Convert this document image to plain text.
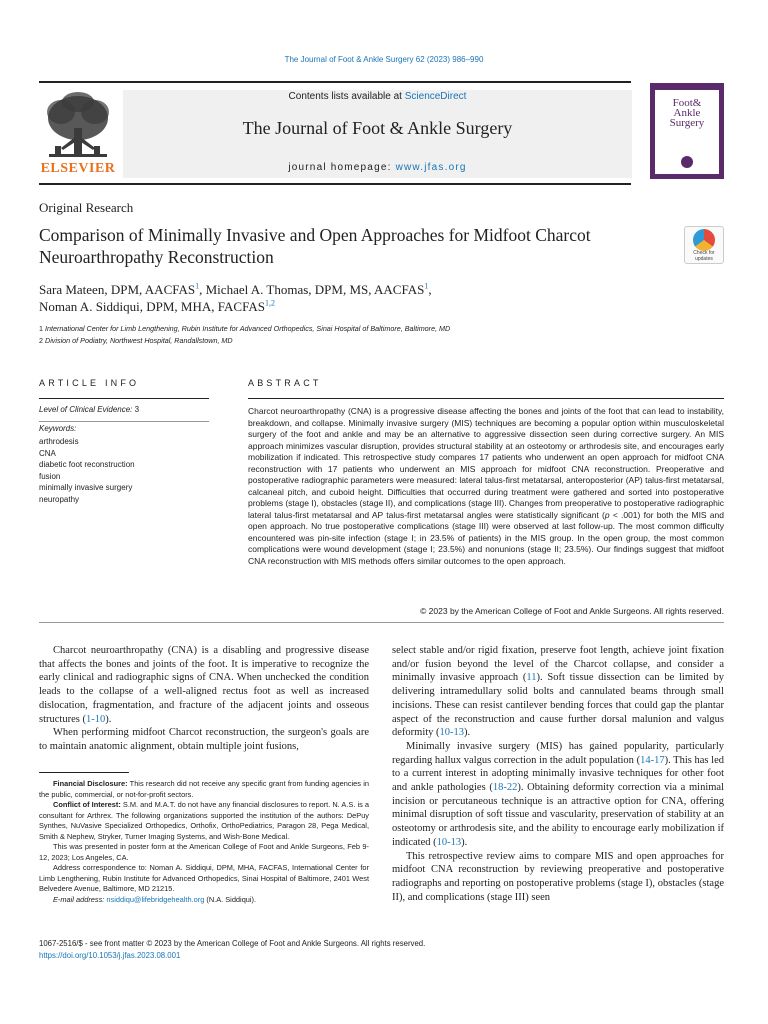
The Journal of Foot & Ankle Surgery 62 (2023) 986–990
ELSEVIER
Contents lists available at ScienceDirect
The Journal of Foot & Ankle Surgery
journal homepage: www.jfas.org
Foot&
Ankle
Surgery
Original Research
Comparison of Minimally Invasive and Open Approaches for Midfoot Charcot Neuroarthropathy Reconstruction	Check for updates
Sara Mateen, DPM, AACFAS$^1$, Michael A. Thomas, DPM, MS, AACFAS$^1$,
Noman A. Siddiqui, DPM, MHA, FACFAS$^{1,2}$
1 International Center for Limb Lengthening, Rubin Institute for Advanced Orthopedics, Sinai Hospital of Baltimore, Baltimore, MD
2 Division of Podiatry, Northwest Hospital, Randallstown, MD
ARTICLE INFO	ABSTRACT
Level of Clinical Evidence: 3
Keywords:
arthrodesis
CNA
diabetic foot reconstruction
fusion
minimally invasive surgery
neuropathy
Charcot neuroarthropathy (CNA) is a progressive disease affecting the bones and joints of the foot that can lead to instability, breakdown, and collapse. Minimally invasive surgery (MIS) techniques are becoming a popular option within musculoskeletal surgery of the foot and ankle and may be an alternative to aggressive dissection seen during corrective surgery. An MIS approach minimizes vascular disruption, provides structural stability at an osteotomy or arthrodesis site, and encourages early mobilization if indicated. This retrospective study compares 17 patients who underwent an open approach for midfoot CNA reconstruction with 17 patients who underwent an MIS approach for midfoot CNA reconstruction. Preoperative and postoperative radiographic parameters were measured: lateral talus-first metatarsal, anteroposterior (AP) talus-first metatarsal, calcaneal pitch, and cuboid height. Difficulties that occurred during treatment were gathered and sorted into postoperative problems (stage I), obstacles (stage II), and complications (stage III). Changes from preoperative to postoperative radiographic lateral talus-first metatarsal and AP talus-first metatarsal angles were statistically significant (p < .001) for both the MIS and open approach. No true postoperative complications (stage III) were observed at last follow-up. The most common difficulty encountered was pin-site infection (stage I; in 23.5% of patients) in the MIS group. In the open group, the most common complications were wound development (stage I; 23.5%) and nonunions (stage II; 23.5%). Our findings suggest that midfoot CNA reconstruction with MIS methods offers similar outcomes to the open approach.
© 2023 by the American College of Foot and Ankle Surgeons. All rights reserved.

Charcot neuroarthropathy (CNA) is a disabling and progressive disease that affects the bones and joints of the foot. It is imperative to recognize the early clinical and radiographic signs of CNA. When unchecked the condition leads to the collapse of a well-aligned rectus foot as well as increased dislocation, fragmentation, and fracture of the adjacent joints and osseous structures (1-10).

When performing midfoot Charcot reconstruction, the surgeon's goals are to maintain anatomic alignment, obtain multiple joint fusions,

select stable and/or rigid fixation, preserve foot length, achieve joint fixation and/or fusion beyond the level of the Charcot collapse, and consider a minimally invasive approach (11). Soft tissue dissection can be limited by delivering intramedullary solid bolts and cannulated beams through small incisions. These can resist cantilever bending forces that could gap the plantar aspect of the reconstruction and cause further dorsal malunion and valgus deformity (10-13).

Minimally invasive surgery (MIS) has gained popularity, particularly regarding hallux valgus correction in the adult population (14-17). This has led to a current interest in adopting minimally invasive techniques for other foot and ankle pathologies (18-22). Obtaining deformity correction via a minimal incision or percutaneous technique is an attractive option for CNA, offering minimal disruption of soft tissue and vascularity, preservation of stability at an osteotomy or arthrodesis site, and the ability to encourage early mobilization if indicated (10-13).

This retrospective review aims to compare MIS and open approaches for midfoot CNA reconstruction by reviewing preoperative and postoperative radiographs and reporting on postoperative problems (stage I), obstacles (stage II), and complications (stage III) seen

Financial Disclosure: This research did not receive any specific grant from funding agencies in the public, commercial, or not-for-profit sectors.

Conflict of Interest: S.M. and M.A.T. do not have any financial disclosures to report. N. A.S. is a consultant for Arthrex. The following organizations supported the institution of the authors: DePuy Synthes, NuVasive Specialized Orthopedics, Orthofix, OrthoPediatrics, Paragon 28, Pega Medical, Smith & Nephew, Stryker, Turner Imaging Systems, and Wish-Bone Medical.

This was presented in poster form at the American College of Foot and Ankle Surgeons, Feb 9-12, 2023; Los Angeles, CA.

Address correspondence to: Noman A. Siddiqui, DPM, MHA, FACFAS, International Center for Limb Lengthening, Rubin Institute for Advanced Orthopedics, Sinai Hospital of Baltimore, 2401 West Belvedere Avenue, Baltimore, MD 21215.

E-mail address: nsiddiqu@lifebridgehealth.org (N.A. Siddiqui).

1067-2516/$ - see front matter © 2023 by the American College of Foot and Ankle Surgeons. All rights reserved.
https://doi.org/10.1053/j.jfas.2023.08.001
